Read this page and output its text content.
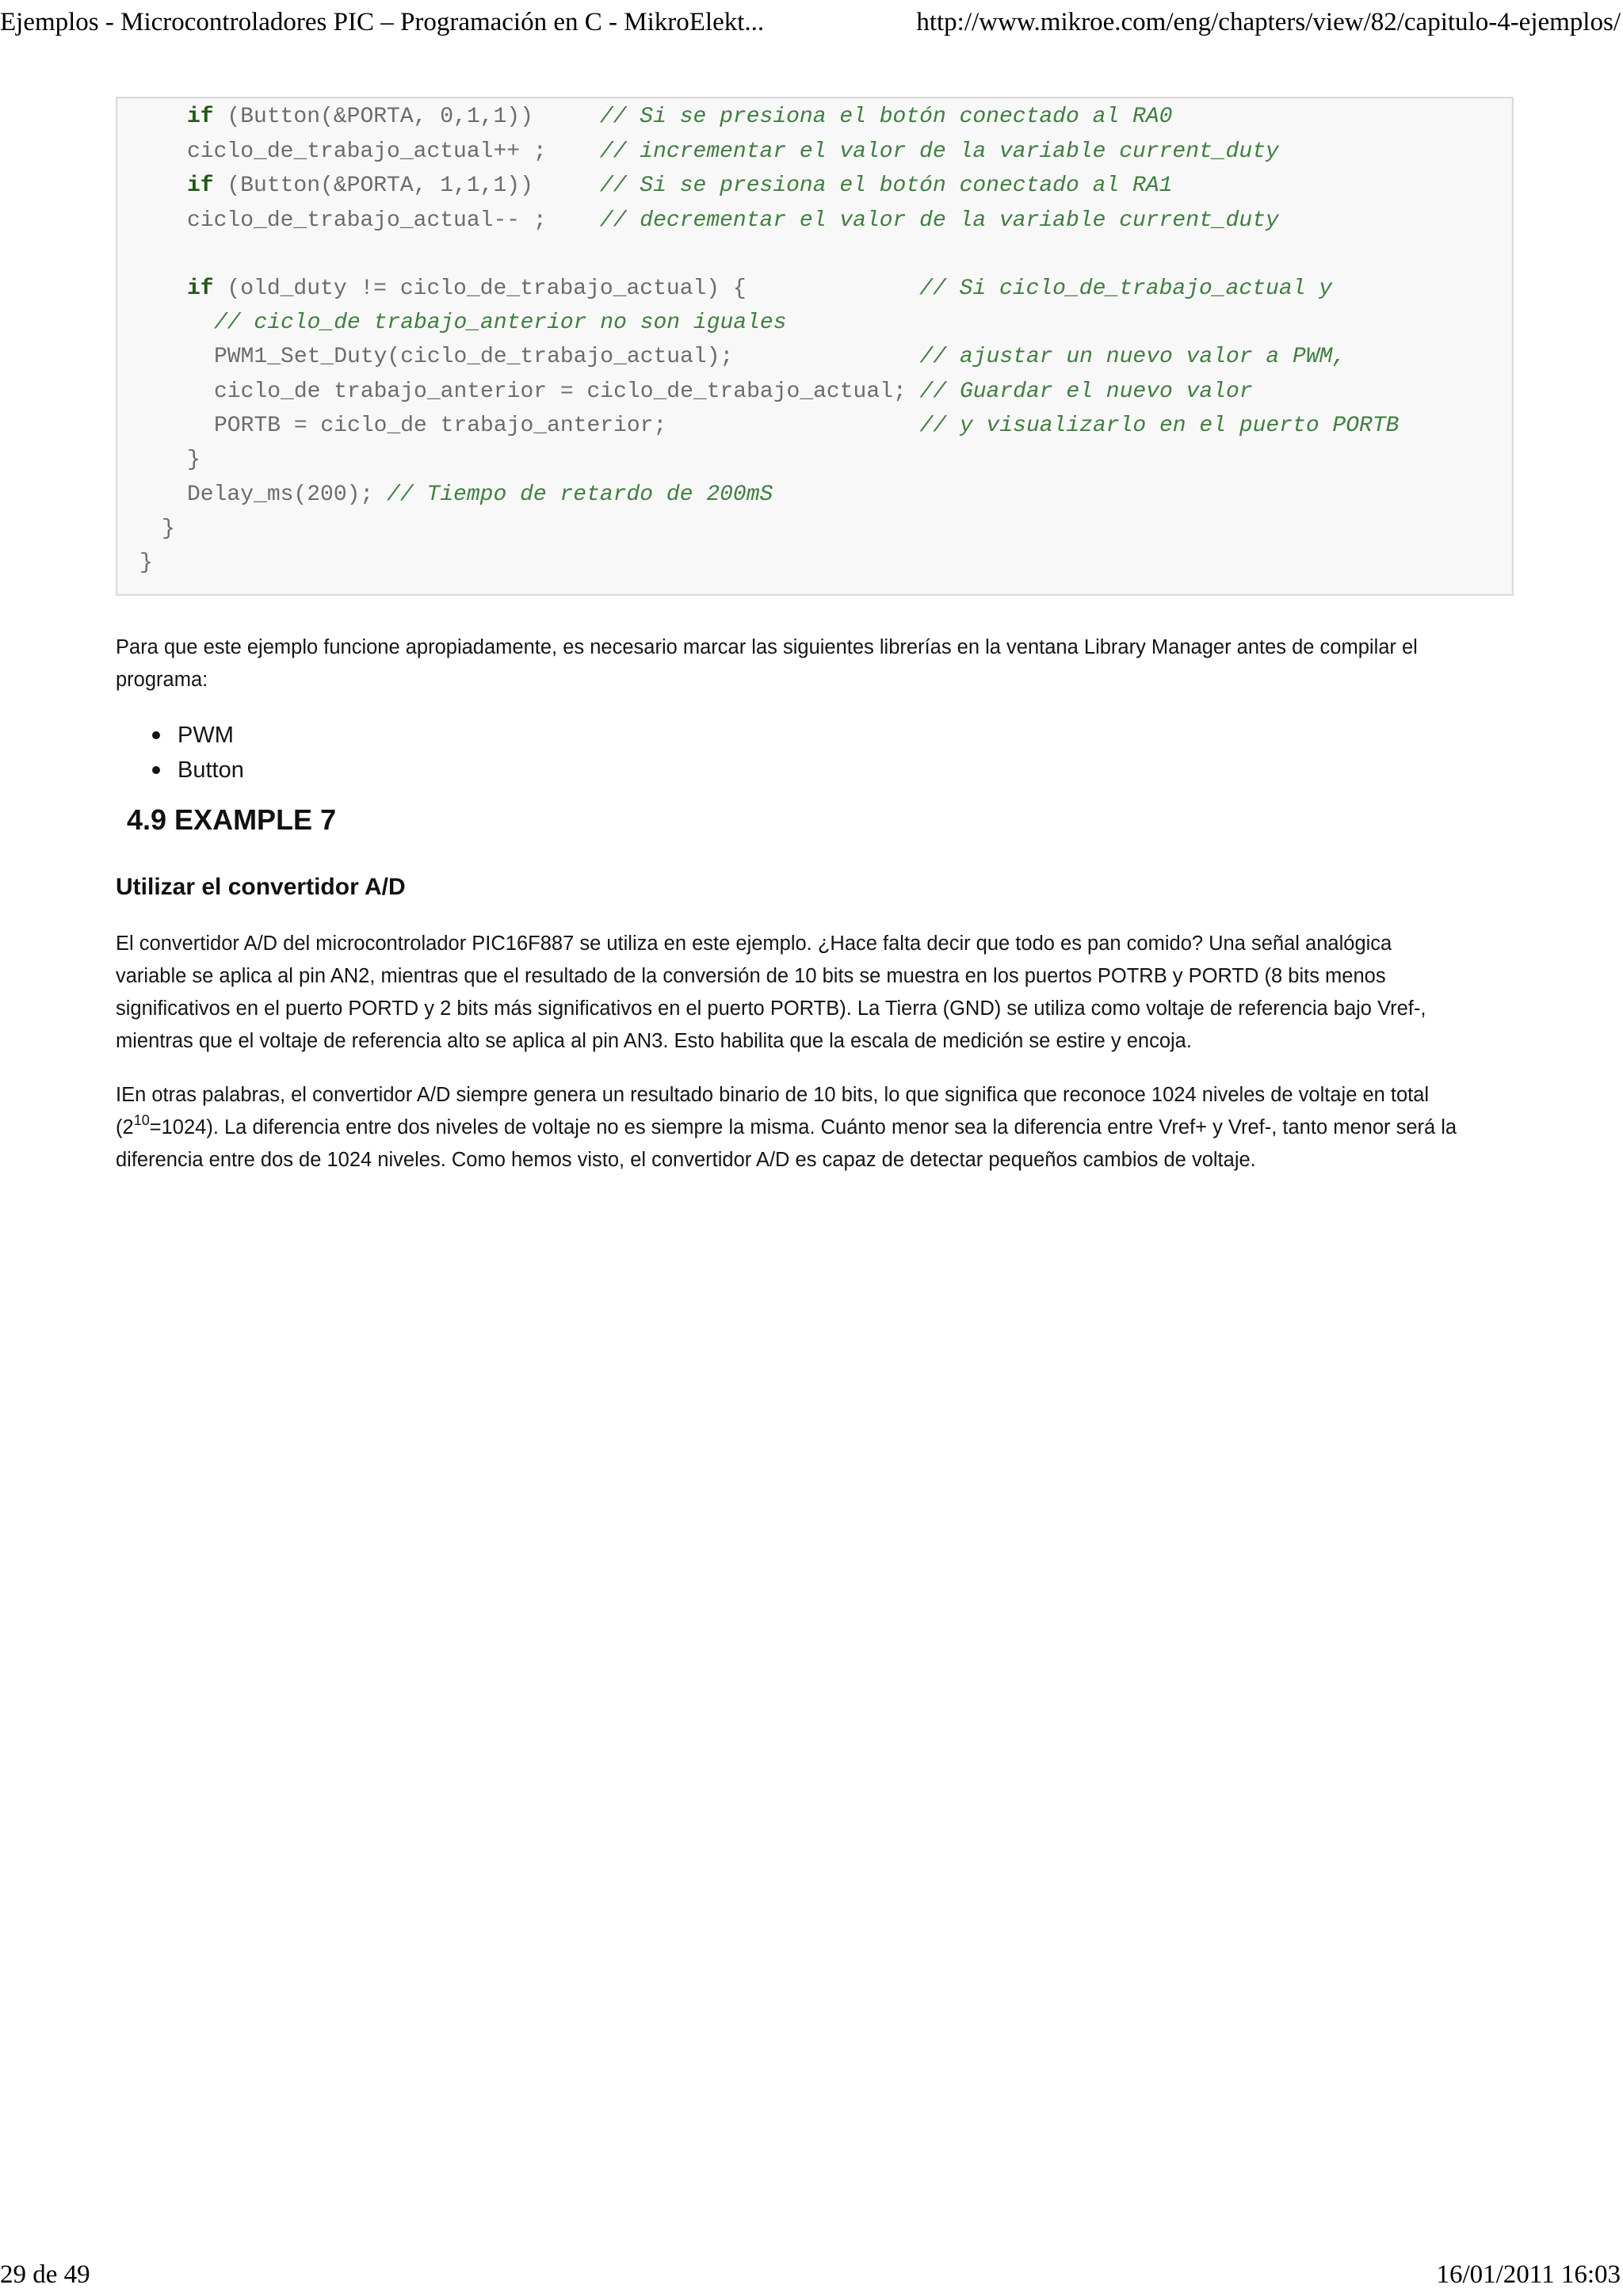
Ejemplos - Microcontroladores PIC – Programación en C - MikroElekt...	http://www.mikroe.com/eng/chapters/view/82/capitulo-4-ejemplos/
if (Button(&PORTA, 0,1,1))     // Si se presiona el botón conectado al RA0
ciclo_de_trabajo_actual++ ;    // incrementar el valor de la variable current_duty
if (Button(&PORTA, 1,1,1))     // Si se presiona el botón conectado al RA1
ciclo_de_trabajo_actual-- ;    // decrementar el valor de la variable current_duty
if (old_duty != ciclo_de_trabajo_actual) {             // Si ciclo_de_trabajo_actual y
// ciclo_de trabajo_anterior no son iguales
PWM1_Set_Duty(ciclo_de_trabajo_actual);              // ajustar un nuevo valor a PWM,
ciclo_de trabajo_anterior = ciclo_de_trabajo_actual; // Guardar el nuevo valor
PORTB = ciclo_de trabajo_anterior;                   // y visualizarlo en el puerto PORTB
}
Delay_ms(200); // Tiempo de retardo de 200mS
}
}
Para que este ejemplo funcione apropiadamente, es necesario marcar las siguientes librerías en la ventana Library Manager antes de compilar el programa:
PWM
Button
4.9 EXAMPLE 7
Utilizar el convertidor A/D
El convertidor A/D del microcontrolador PIC16F887 se utiliza en este ejemplo. ¿Hace falta decir que todo es pan comido? Una señal analógica variable se aplica al pin AN2, mientras que el resultado de la conversión de 10 bits se muestra en los puertos POTRB y PORTD (8 bits menos significativos en el puerto PORTD y 2 bits más significativos en el puerto PORTB). La Tierra (GND) se utiliza como voltaje de referencia bajo Vref-, mientras que el voltaje de referencia alto se aplica al pin AN3. Esto habilita que la escala de medición se estire y encoja.
IEn otras palabras, el convertidor A/D siempre genera un resultado binario de 10 bits, lo que significa que reconoce 1024 niveles de voltaje en total $(2^{10}=1024)$. La diferencia entre dos niveles de voltaje no es siempre la misma. Cuánto menor sea la diferencia entre Vref+ y Vref-, tanto menor será la diferencia entre dos de 1024 niveles. Como hemos visto, el convertidor A/D es capaz de detectar pequeños cambios de voltaje.
29 de 49	16/01/2011 16:03
